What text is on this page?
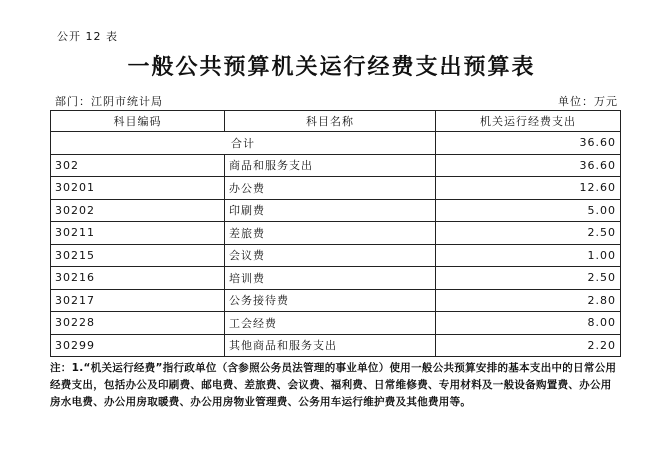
公开 12 表
一般公共预算机关运行经费支出预算表
部门：江阴市统计局	单位：万元
科目编码	科目名称	机关运行经费支出
合计		36.60
302	商品和服务支出	36.60
30201	办公费	12.60
30202	印刷费	5.00
30211	差旅费	2.50
30215	会议费	1.00
30216	培训费	2.50
30217	公务接待费	2.80
30228	工会经费	8.00
30299	其他商品和服务支出	2.20
注：1.“机关运行经费”指行政单位（含参照公务员法管理的事业单位）使用一般公共预算安排的基本支出中的日常公用经费支出，包括办公及印刷费、邮电费、差旅费、会议费、福利费、日常维修费、专用材料及一般设备购置费、办公用房水电费、办公用房取暖费、办公用房物业管理费、公务用车运行维护费及其他费用等。
